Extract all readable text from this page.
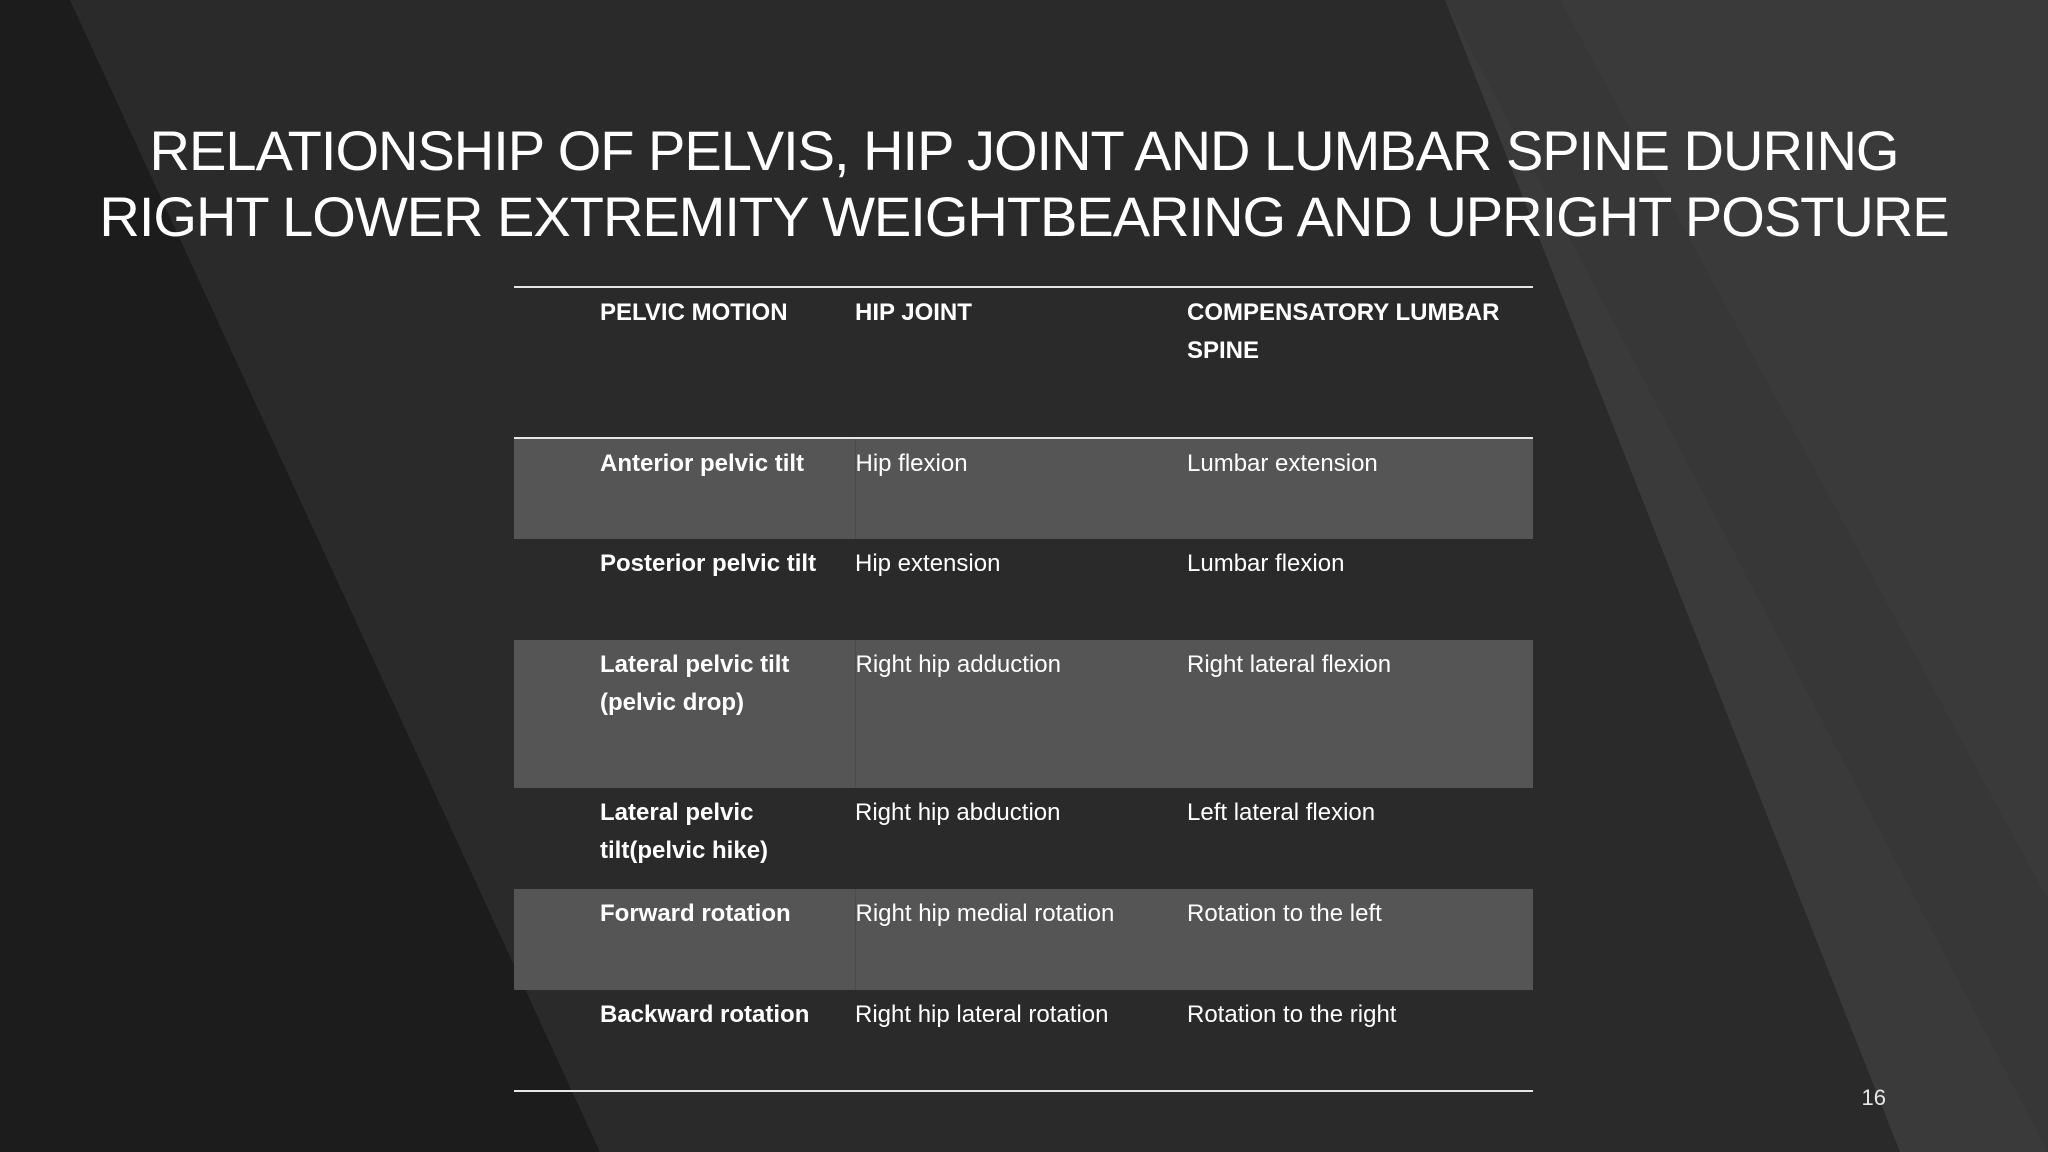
RELATIONSHIP OF PELVIS, HIP JOINT AND LUMBAR SPINE DURING
RIGHT LOWER EXTREMITY WEIGHTBEARING AND UPRIGHT POSTURE
PELVIC MOTION	HIP JOINT	COMPENSATORY LUMBAR SPINE
Anterior pelvic tilt	Hip flexion	Lumbar extension
Posterior pelvic tilt	Hip extension	Lumbar flexion
Lateral pelvic tilt (pelvic drop)	Right hip adduction	Right lateral flexion
Lateral pelvic tilt(pelvic hike)	Right hip abduction	Left lateral flexion
Forward rotation	Right hip medial rotation	Rotation to the left
Backward rotation	Right hip lateral rotation	Rotation to the right
16
